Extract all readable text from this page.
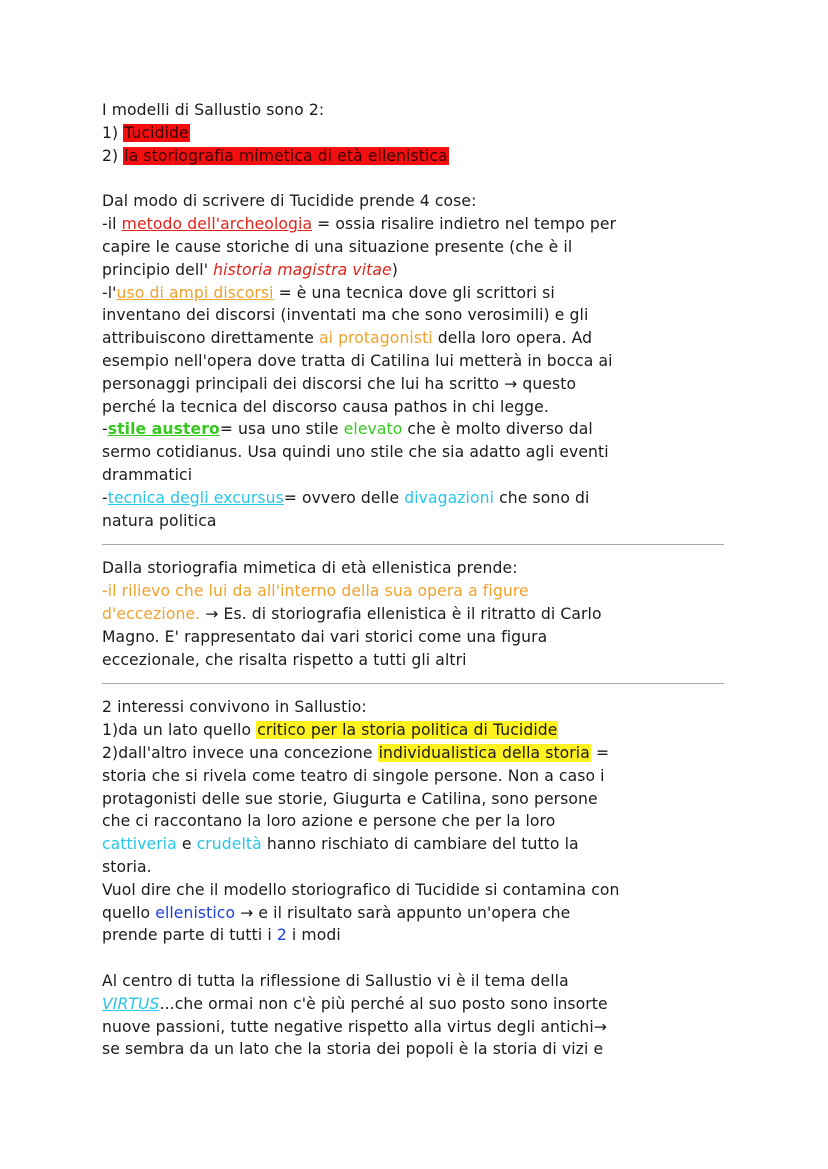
I modelli di Sallustio sono 2:
1) Tucidide
2) la storiografia mimetica di età ellenistica
Dal modo di scrivere di Tucidide prende 4 cose:
-il metodo dell'archeologia = ossia risalire indietro nel tempo per
capire le cause storiche di una situazione presente (che è il
principio dell' historia magistra vitae)
-l'uso di ampi discorsi = è una tecnica dove gli scrittori si
inventano dei discorsi (inventati ma che sono verosimili) e gli
attribuiscono direttamente ai protagonisti della loro opera. Ad
esempio nell'opera dove tratta di Catilina lui metterà in bocca ai
personaggi principali dei discorsi che lui ha scritto → questo
perché la tecnica del discorso causa pathos in chi legge.
-stile austero= usa uno stile elevato che è molto diverso dal
sermo cotidianus. Usa quindi uno stile che sia adatto agli eventi
drammatici
-tecnica degli excursus= ovvero delle divagazioni che sono di
natura politica
Dalla storiografia mimetica di età ellenistica prende:
-il rilievo che lui da all'interno della sua opera a figure
d'eccezione. → Es. di storiografia ellenistica è il ritratto di Carlo
Magno. E' rappresentato dai vari storici come una figura
eccezionale, che risalta rispetto a tutti gli altri
2 interessi convivono in Sallustio:
1)da un lato quello critico per la storia politica di Tucidide
2)dall'altro invece una concezione individualistica della storia =
storia che si rivela come teatro di singole persone. Non a caso i
protagonisti delle sue storie, Giugurta e Catilina, sono persone
che ci raccontano la loro azione e persone che per la loro
cattiveria e crudeltà hanno rischiato di cambiare del tutto la
storia.
Vuol dire che il modello storiografico di Tucidide si contamina con
quello ellenistico → e il risultato sarà appunto un'opera che
prende parte di tutti i 2 i modi
Al centro di tutta la riflessione di Sallustio vi è il tema della
VIRTUS...che ormai non c'è più perché al suo posto sono insorte
nuove passioni, tutte negative rispetto alla virtus degli antichi→
se sembra da un lato che la storia dei popoli è la storia di vizi e
